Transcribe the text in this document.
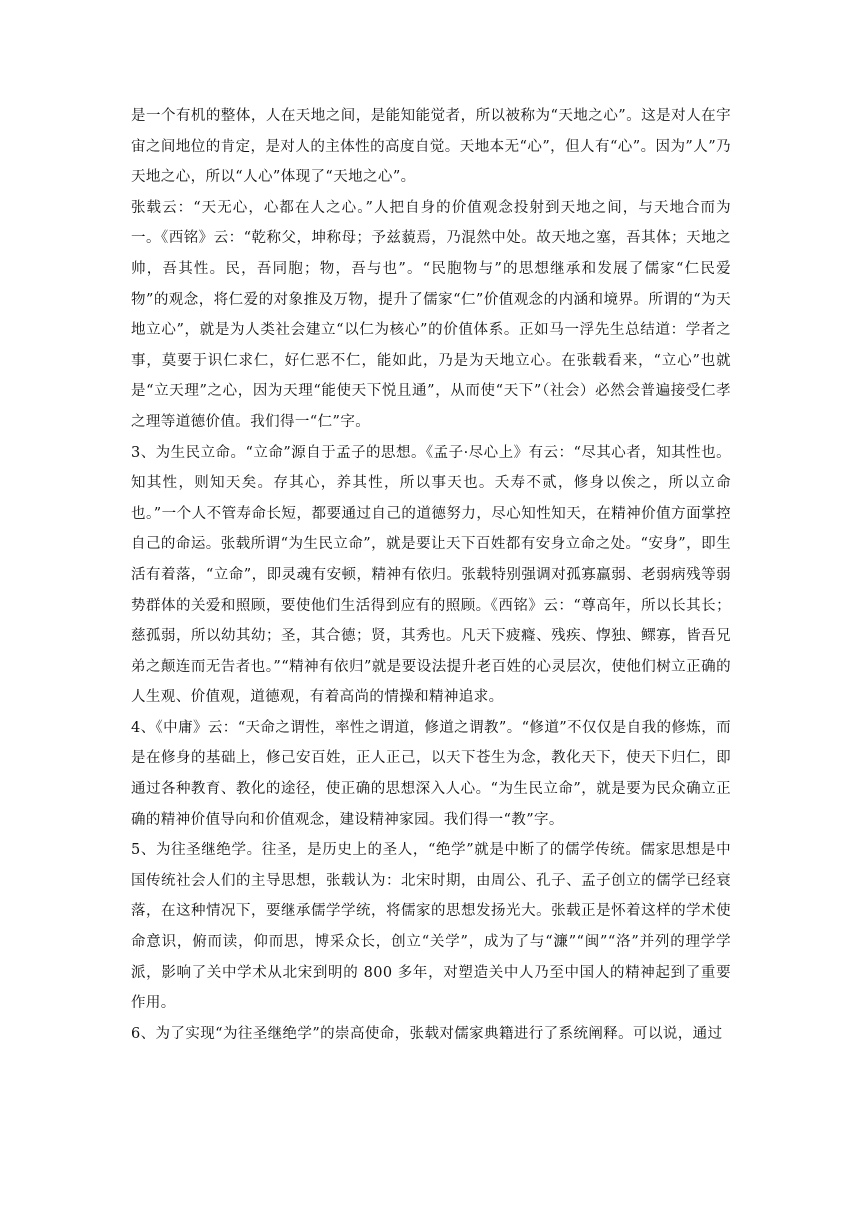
是一个有机的整体，人在天地之间，是能知能觉者，所以被称为“天地之心”。这是对人在宇宙之间地位的肯定，是对人的主体性的高度自觉。天地本无“心”，但人有“心”。因为”人”乃天地之心，所以“人心”体现了“天地之心”。

张载云：“天无心，心都在人之心。”人把自身的价值观念投射到天地之间，与天地合而为一。《西铭》云：“乾称父，坤称母；予兹藐焉，乃混然中处。故天地之塞，吾其体；天地之帅，吾其性。民，吾同胞；物，吾与也”。“民胞物与”的思想继承和发展了儒家“仁民爱物”的观念，将仁爱的对象推及万物，提升了儒家“仁”价值观念的内涵和境界。所谓的“为天地立心”，就是为人类社会建立“以仁为核心”的价值体系。正如马一浮先生总结道：学者之事，莫要于识仁求仁，好仁恶不仁，能如此，乃是为天地立心。在张载看来，“立心”也就是“立天理”之心，因为天理“能使天下悦且通”，从而使“天下”（社会）必然会普遍接受仁孝之理等道德价值。我们得一“仁”字。

3、为生民立命。“立命”源自于孟子的思想。《孟子·尽心上》有云：“尽其心者，知其性也。知其性，则知天矣。存其心，养其性，所以事天也。夭寿不贰，修身以俟之，所以立命也。”一个人不管寿命长短，都要通过自己的道德努力，尽心知性知天，在精神价值方面掌控自己的命运。张载所谓“为生民立命”，就是要让天下百姓都有安身立命之处。“安身”，即生活有着落，“立命”，即灵魂有安顿，精神有依归。张载特别强调对孤寡羸弱、老弱病残等弱势群体的关爱和照顾，要使他们生活得到应有的照顾。《西铭》云：“尊高年，所以长其长；慈孤弱，所以幼其幼；圣，其合德；贤，其秀也。凡天下疲癃、残疾、惸独、鳏寡，皆吾兄弟之颠连而无告者也。”“精神有依归”就是要设法提升老百姓的心灵层次，使他们树立正确的人生观、价值观，道德观，有着高尚的情操和精神追求。

4、《中庸》云：“天命之谓性，率性之谓道，修道之谓教”。“修道”不仅仅是自我的修炼，而是在修身的基础上，修己安百姓，正人正己，以天下苍生为念，教化天下，使天下归仁，即通过各种教育、教化的途径，使正确的思想深入人心。“为生民立命”，就是要为民众确立正确的精神价值导向和价值观念，建设精神家园。我们得一“教”字。

5、为往圣继绝学。往圣，是历史上的圣人，“绝学”就是中断了的儒学传统。儒家思想是中国传统社会人们的主导思想，张载认为：北宋时期，由周公、孔子、孟子创立的儒学已经衰落，在这种情况下，要继承儒学学统，将儒家的思想发扬光大。张载正是怀着这样的学术使命意识，俯而读，仰而思，博采众长，创立“关学”，成为了与“濂”“闽”“洛”并列的理学学派，影响了关中学术从北宋到明的 800 多年，对塑造关中人乃至中国人的精神起到了重要作用。

6、为了实现“为往圣继绝学”的崇高使命，张载对儒家典籍进行了系统阐释。可以说，通过
